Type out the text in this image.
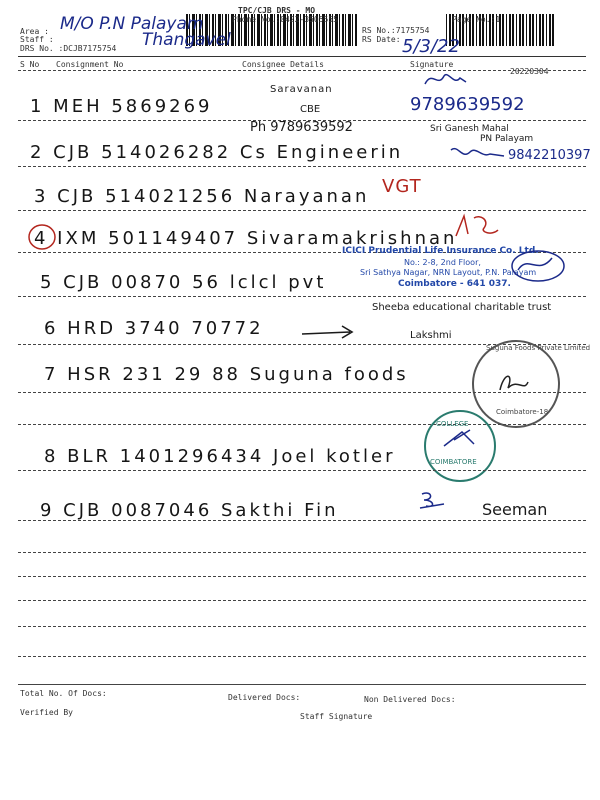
TPC/CJB DRS - MO
Phone No.:0422-3505555
Area :
Staff :
DRS No. :DCJB7175754
RS No.:7175754
RS Date:
Page No.:1
M/O P.N Palayam
Thangavel	5/3/22
S No Consignment No	Consignee Details	Signature
20220304
Saravanan
CBE
1 MEH 5869269	9789639592
Ph 9789639592	Sri Ganesh Mahal
PN Palayam
2 CJB 514026282 Cs Engineerin	9842210397
3 CJB 514021256 Narayanan VGT
4 IXM 501149407 Sivaramakrishnan
ICICI Prudential Life Insurance Co. Ltd.
No.: 2-8, 2nd Floor,
Sri Sathya Nagar, NRN Layout, P.N. Palayam
Coimbatore - 641 037.
5 CJB 00870 56 lclcl pvt
Sheeba educational charitable trust
Lakshmi
6 HRD 3740 70772
7 HSR 231 29 88 Suguna foods
Suguna Foods Private Limited
Coimbatore-18
COLLEGE
COIMBATORE
8 BLR 1401296434 Joel kotler
9 CJB 0087046 Sakthi Fin	Seeman
Total No. Of Docs:	Delivered Docs:	Non Delivered Docs:
Verified By	Staff Signature
